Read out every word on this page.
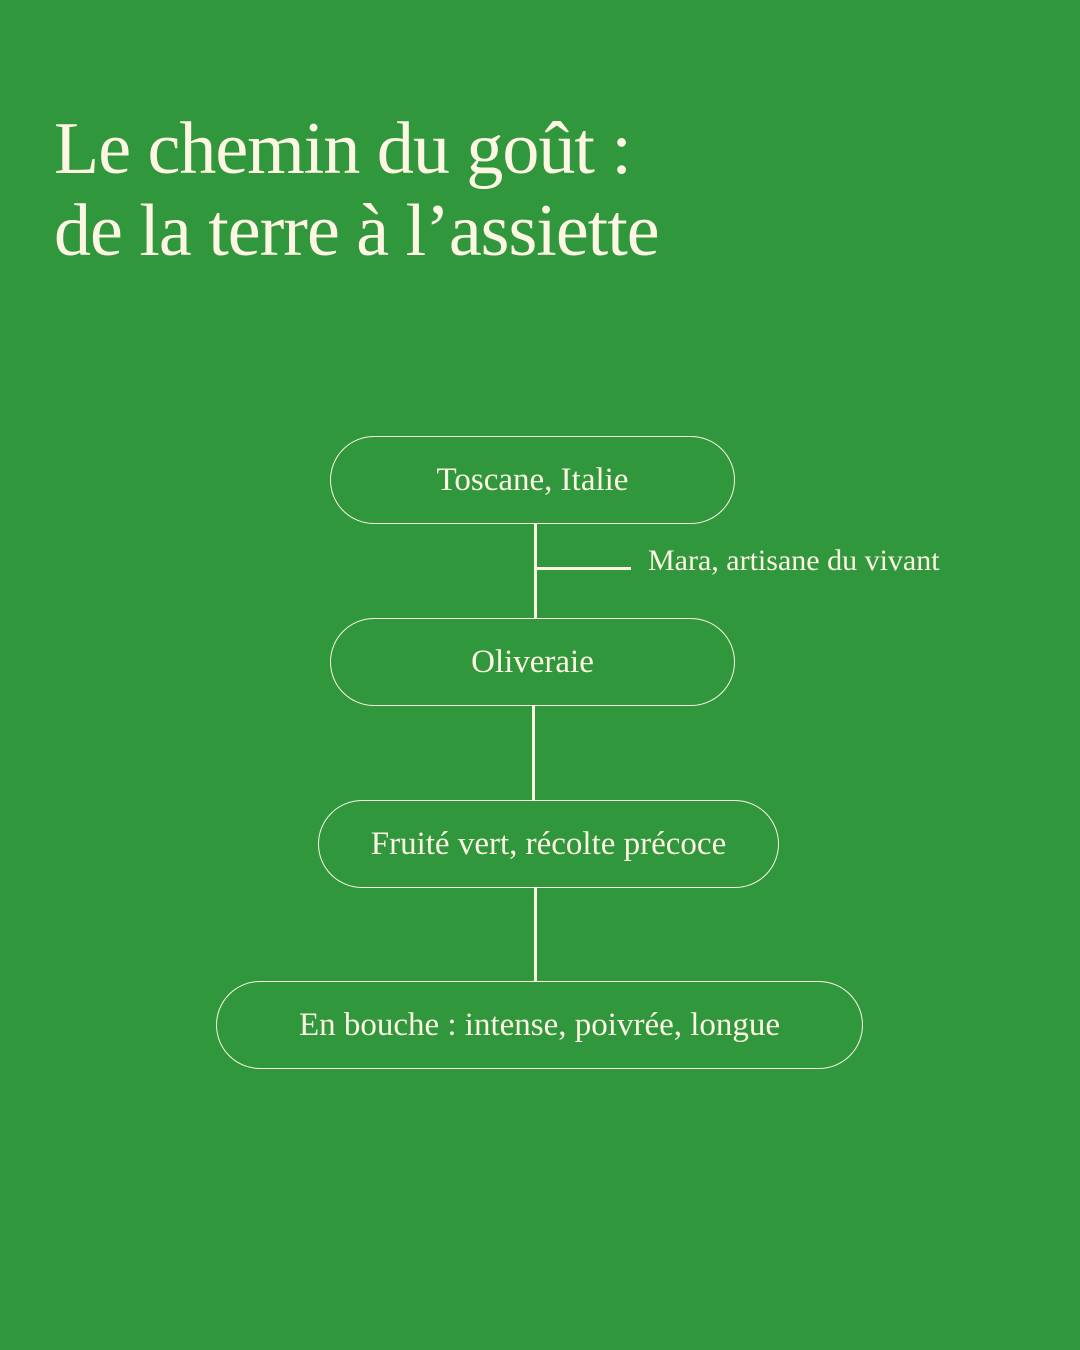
Le chemin du goût :
de la terre à l’assiette
Toscane, Italie
Mara, artisane du vivant
Oliveraie
Fruité vert, récolte précoce
En bouche : intense, poivrée, longue
